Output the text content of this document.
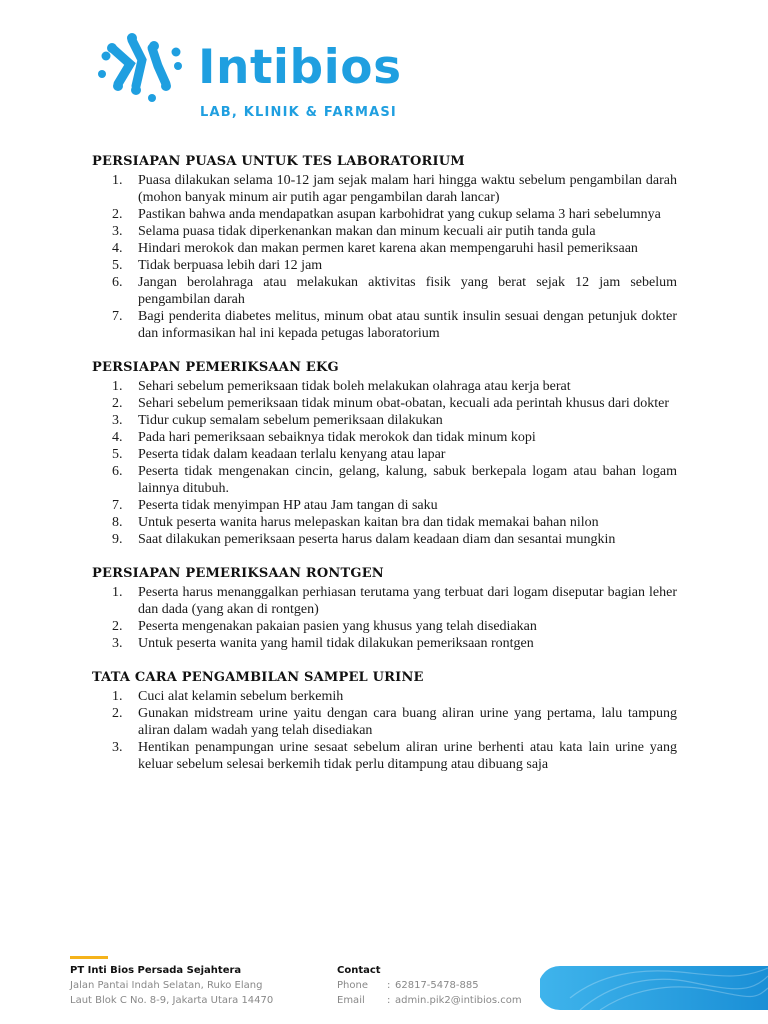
Intibios
LAB, KLINIK & FARMASI
PERSIAPAN PUASA UNTUK TES LABORATORIUM
1.	Puasa dilakukan selama 10-12 jam sejak malam hari hingga waktu sebelum pengambilan darah (mohon banyak minum air putih agar pengambilan darah lancar)
2.	Pastikan bahwa anda mendapatkan asupan karbohidrat yang cukup selama 3 hari sebelumnya
3.	Selama puasa tidak diperkenankan makan dan minum kecuali air putih tanda gula
4.	Hindari merokok dan makan permen karet karena akan mempengaruhi hasil pemeriksaan
5.	Tidak berpuasa lebih dari 12 jam
6.	Jangan berolahraga atau melakukan aktivitas fisik yang berat sejak 12 jam sebelum pengambilan darah
7.	Bagi penderita diabetes melitus, minum obat atau suntik insulin sesuai dengan petunjuk dokter dan informasikan hal ini kepada petugas laboratorium
PERSIAPAN PEMERIKSAAN EKG
1.	Sehari sebelum pemeriksaan tidak boleh melakukan olahraga atau kerja berat
2.	Sehari sebelum pemeriksaan tidak minum obat-obatan, kecuali ada perintah khusus dari dokter
3.	Tidur cukup semalam sebelum pemeriksaan dilakukan
4.	Pada hari pemeriksaan sebaiknya tidak merokok dan tidak minum kopi
5.	Peserta tidak dalam keadaan terlalu kenyang atau lapar
6.	Peserta tidak mengenakan cincin, gelang, kalung, sabuk berkepala logam atau bahan logam lainnya ditubuh.
7.	Peserta tidak menyimpan HP atau Jam tangan di saku
8.	Untuk peserta wanita harus melepaskan kaitan bra dan tidak memakai bahan nilon
9.	Saat dilakukan pemeriksaan peserta harus dalam keadaan diam dan sesantai mungkin
PERSIAPAN PEMERIKSAAN RONTGEN
1.	Peserta harus menanggalkan perhiasan terutama yang terbuat dari logam diseputar bagian leher dan dada (yang akan di rontgen)
2.	Peserta mengenakan pakaian pasien yang khusus yang telah disediakan
3.	Untuk peserta wanita yang hamil tidak dilakukan pemeriksaan rontgen
TATA CARA PENGAMBILAN SAMPEL URINE
1.	Cuci alat kelamin sebelum berkemih
2.	Gunakan midstream urine yaitu dengan cara buang aliran urine yang pertama, lalu tampung aliran dalam wadah yang telah disediakan
3.	Hentikan penampungan urine sesaat sebelum aliran urine berhenti atau kata lain urine yang keluar sebelum selesai berkemih tidak perlu ditampung atau dibuang saja
PT Inti Bios Persada Sejahtera
Jalan Pantai Indah Selatan, Ruko Elang
Laut Blok C No. 8-9, Jakarta Utara 14470
Contact
Phone	: 62817-5478-885
Email	: admin.pik2@intibios.com
